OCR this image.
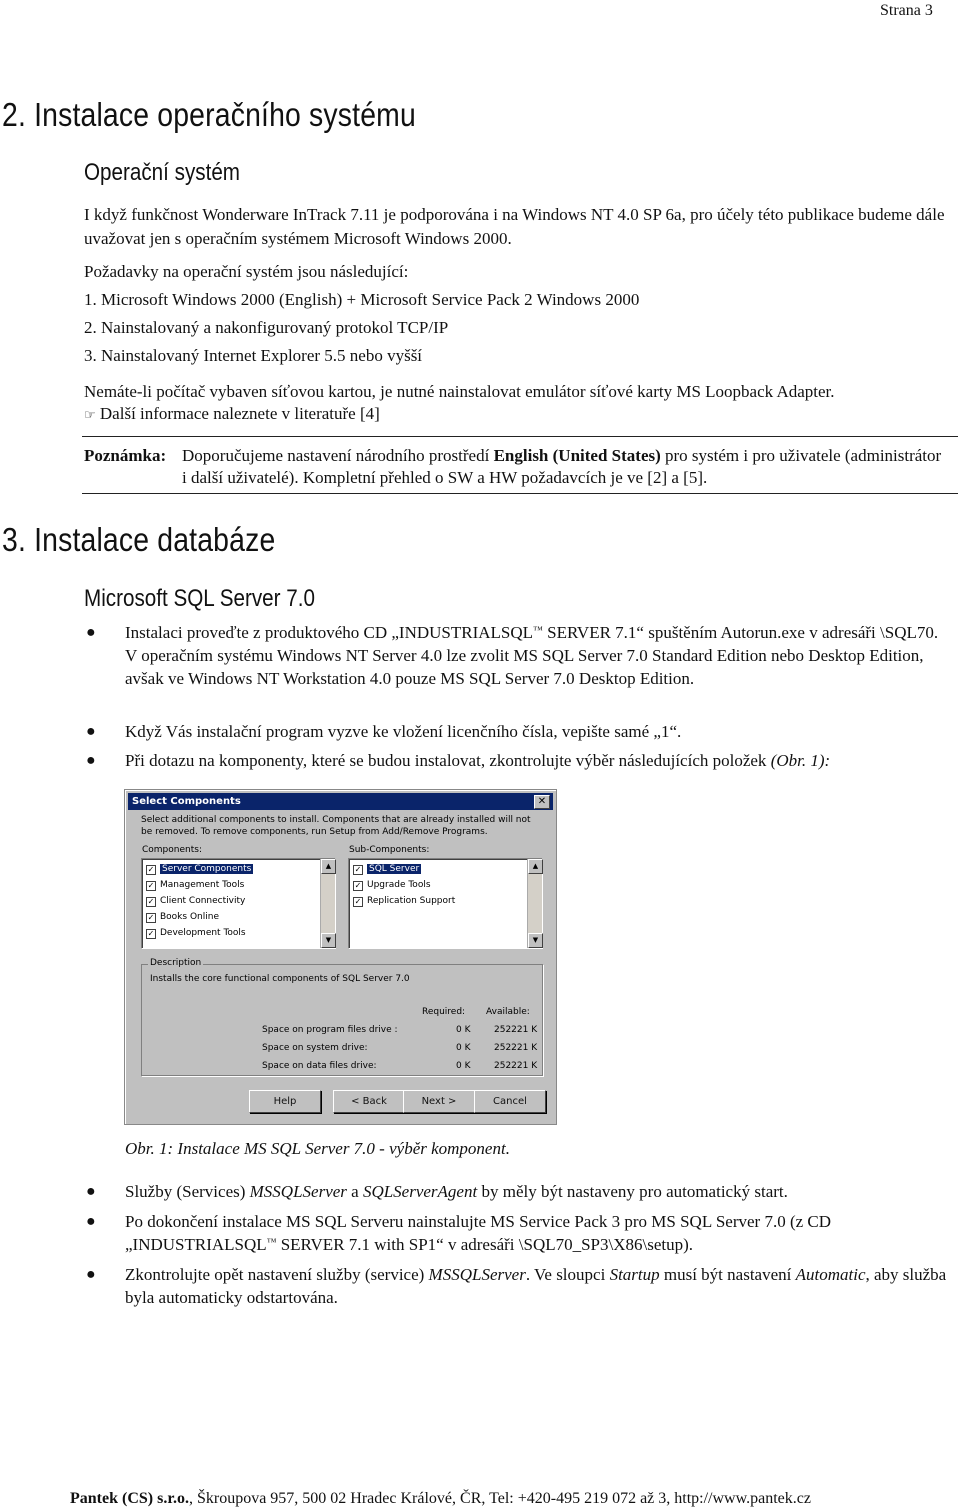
Strana 3
2. Instalace operačního systému
Operační systém

I když funkčnost Wonderware InTrack 7.11 je podporována i na Windows NT 4.0 SP 6a, pro účely této publikace budeme dále uvažovat jen s operačním systémem Microsoft Windows 2000.

Požadavky na operační systém jsou následující:

1. Microsoft Windows 2000 (English) + Microsoft Service Pack 2 Windows 2000

2. Nainstalovaný a nakonfigurovaný protokol TCP/IP

3. Nainstalovaný Internet Explorer 5.5 nebo vyšší

Nemáte-li počítač vybaven síťovou kartou, je nutné nainstalovat emulátor síťové karty MS Loopback Adapter.

☞ Další informace naleznete v literatuře [4]
Poznámka: Doporučujeme nastavení národního prostředí English (United States) pro systém i pro uživatele (administrátor i další uživatelé). Kompletní přehled o SW a HW požadavcích je ve [2] a [5].
3. Instalace databáze
Microsoft SQL Server 7.0
● Instalaci proveďte z produktového CD „INDUSTRIALSQL™ SERVER 7.1“ spuštěním Autorun.exe v adresáři \SQL70. V operačním systému Windows NT Server 4.0 lze zvolit MS SQL Server 7.0 Standard Edition nebo Desktop Edition, avšak ve Windows NT Workstation 4.0 pouze MS SQL Server 7.0 Desktop Edition.
● Když Vás instalační program vyzve ke vložení licenčního čísla, vepište samé „1“.
● Při dotazu na komponenty, které se budou instalovat, zkontrolujte výběr následujících položek (Obr. 1):
Select Components	✕
Select additional components to install. Components that are already installed will not be removed. To remove components, run Setup from Add/Remove Programs.
Components:
✓ Server Components
✓ Management Tools
✓ Client Connectivity
✓ Books Online
✓ Development Tools
▲
▼
Sub-Components:
✓ SQL Server
✓ Upgrade Tools
✓ Replication Support
▲
▼
Description
Installs the core functional components of SQL Server 7.0
Required: Available:
Space on program files drive :	0 K	252221 K
Space on system drive:	0 K	252221 K
Space on data files drive:	0 K	252221 K
Help	< Back	Next >	Cancel
Obr. 1: Instalace MS SQL Server 7.0 - výběr komponent.
● Služby (Services) MSSQLServer a SQLServerAgent by měly být nastaveny pro automatický start.
● Po dokončení instalace MS SQL Serveru nainstalujte MS Service Pack 3 pro MS SQL Server 7.0 (z CD „INDUSTRIALSQL™ SERVER 7.1 with SP1“ v adresáři \SQL70_SP3\X86\setup).
● Zkontrolujte opět nastavení služby (service) MSSQLServer. Ve sloupci Startup musí být nastavení Automatic, aby služba byla automaticky odstartována.
Pantek (CS) s.r.o., Škroupova 957, 500 02 Hradec Králové, ČR, Tel: +420-495 219 072 až 3, http://www.pantek.cz
